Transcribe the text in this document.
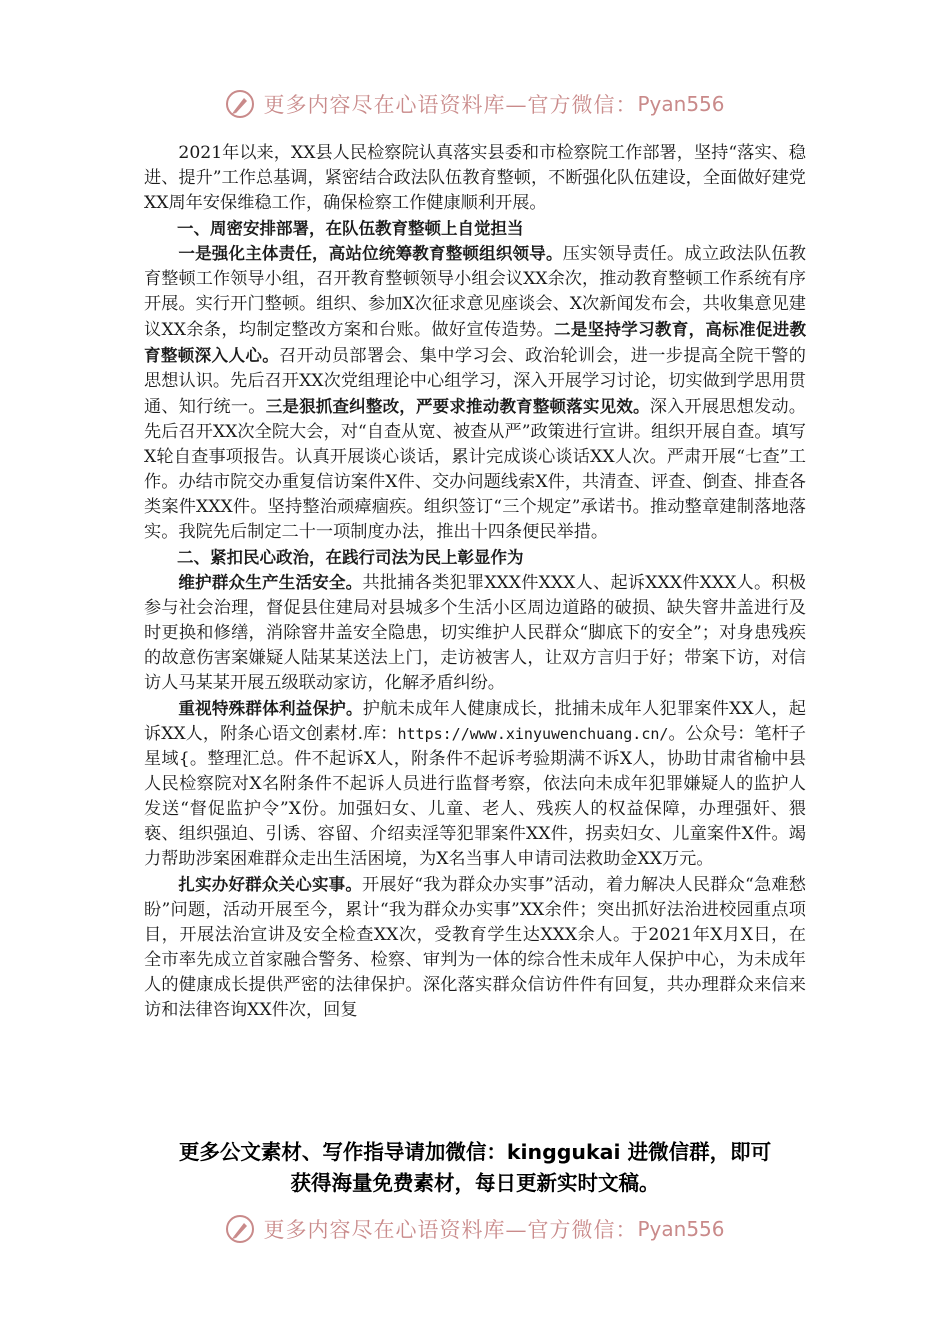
更多内容尽在心语资料库—官方微信： Pyan556

2021年以来，XX县人民检察院认真落实县委和市检察院工作部署，坚持“落实、稳进、提升”工作总基调，紧密结合政法队伍教育整顿，不断强化队伍建设，全面做好建党XX周年安保维稳工作，确保检察工作健康顺利开展。

一、周密安排部署，在队伍教育整顿上自觉担当

一是强化主体责任，高站位统筹教育整顿组织领导。压实领导责任。成立政法队伍教育整顿工作领导小组，召开教育整顿领导小组会议XX余次，推动教育整顿工作系统有序开展。实行开门整顿。组织、参加X次征求意见座谈会、X次新闻发布会，共收集意见建议XX余条，均制定整改方案和台账。做好宣传造势。二是坚持学习教育，高标准促进教育整顿深入人心。召开动员部署会、集中学习会、政治轮训会，进一步提高全院干警的思想认识。先后召开XX次党组理论中心组学习，深入开展学习讨论，切实做到学思用贯通、知行统一。三是狠抓查纠整改，严要求推动教育整顿落实见效。深入开展思想发动。先后召开XX次全院大会，对“自查从宽、被查从严”政策进行宣讲。组织开展自查。填写X轮自查事项报告。认真开展谈心谈话，累计完成谈心谈话XX人次。严肃开展“七查”工作。办结市院交办重复信访案件X件、交办问题线索X件，共清查、评查、倒查、排查各类案件XXX件。坚持整治顽瘴痼疾。组织签订“三个规定”承诺书。推动整章建制落地落实。我院先后制定二十一项制度办法，推出十四条便民举措。

二、紧扣民心政治，在践行司法为民上彰显作为

维护群众生产生活安全。共批捕各类犯罪XXX件XXX人、起诉XXX件XXX人。积极参与社会治理，督促县住建局对县城多个生活小区周边道路的破损、缺失窨井盖进行及时更换和修缮，消除窨井盖安全隐患，切实维护人民群众“脚底下的安全”；对身患残疾的故意伤害案嫌疑人陆某某送法上门，走访被害人，让双方言归于好；带案下访，对信访人马某某开展五级联动家访，化解矛盾纠纷。

重视特殊群体利益保护。护航未成年人健康成长，批捕未成年人犯罪案件XX人，起诉XX人，附条心语文创素材.库：https://www.xinyuwenchuang.cn/。公众号：笔杆子星域{。整理汇总。件不起诉X人，附条件不起诉考验期满不诉X人，协助甘肃省榆中县人民检察院对X名附条件不起诉人员进行监督考察，依法向未成年犯罪嫌疑人的监护人发送“督促监护令”X份。加强妇女、儿童、老人、残疾人的权益保障，办理强奸、猥亵、组织强迫、引诱、容留、介绍卖淫等犯罪案件XX件，拐卖妇女、儿童案件X件。竭力帮助涉案困难群众走出生活困境，为X名当事人申请司法救助金XX万元。

扎实办好群众关心实事。开展好“我为群众办实事”活动，着力解决人民群众“急难愁盼”问题，活动开展至今，累计“我为群众办实事”XX余件；突出抓好法治进校园重点项目，开展法治宣讲及安全检查XX次，受教育学生达XXX余人。于2021年X月X日，在全市率先成立首家融合警务、检察、审判为一体的综合性未成年人保护中心，为未成年人的健康成长提供严密的法律保护。深化落实群众信访件件有回复，共办理群众来信来访和法律咨询XX件次，回复

更多公文素材、写作指导请加微信：kinggukai 进微信群，即可
获得海量免费素材，每日更新实时文稿。
更多内容尽在心语资料库—官方微信： Pyan556
